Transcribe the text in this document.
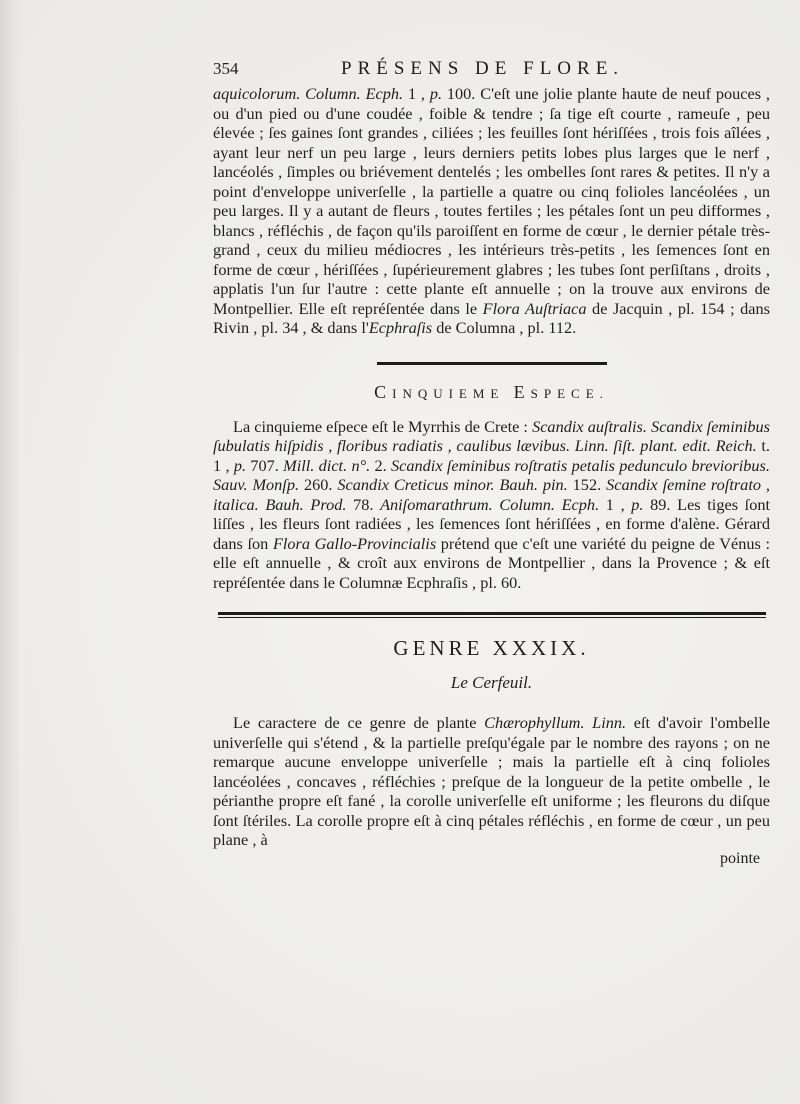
354	PRÉSENS DE FLORE.

aquicolorum. Column. Ecph. 1 , p. 100. C'eſt une jolie plante haute de neuf pouces , ou d'un pied ou d'une coudée , foible & tendre ; ſa tige eſt courte , rameuſe , peu élevée ; ſes gaines ſont grandes , ciliées ; les feuilles ſont hériſſées , trois fois aîlées , ayant leur nerf un peu large , leurs derniers petits lobes plus larges que le nerf , lancéolés , ſimples ou briévement dentelés ; les ombelles ſont rares & petites. Il n'y a point d'enveloppe univerſelle , la partielle a quatre ou cinq folioles lancéolées , un peu larges. Il y a autant de fleurs , toutes fertiles ; les pétales ſont un peu difformes , blancs , réfléchis , de façon qu'ils paroiſſent en forme de cœur , le dernier pétale très-grand , ceux du milieu médiocres , les intérieurs très-petits , les ſemences ſont en forme de cœur , hériſſées , ſupérieurement glabres ; les tubes ſont perſiſtans , droits , applatis l'un ſur l'autre : cette plante eſt annuelle ; on la trouve aux environs de Montpellier. Elle eſt repréſentée dans le Flora Auſtriaca de Jacquin , pl. 154 ; dans Rivin , pl. 34 , & dans l'Ecphraſis de Columna , pl. 112.

CINQUIEME ESPECE.

La cinquieme eſpece eſt le Myrrhis de Crete : Scandix auſtralis. Scandix ſeminibus ſubulatis hiſpidis , floribus radiatis , caulibus lævibus. Linn. ſiſt. plant. edit. Reich. t. 1 , p. 707. Mill. dict. n°. 2. Scandix ſeminibus roſtratis petalis pedunculo brevioribus. Sauv. Monſp. 260. Scandix Creticus minor. Bauh. pin. 152. Scandix ſemine roſtrato , italica. Bauh. Prod. 78. Aniſomarathrum. Column. Ecph. 1 , p. 89. Les tiges ſont liſſes , les fleurs ſont radiées , les ſemences ſont hériſſées , en forme d'alène. Gérard dans ſon Flora Gallo-Provincialis prétend que c'eſt une variété du peigne de Vénus : elle eſt annuelle , & croît aux environs de Montpellier , dans la Provence ; & eſt repréſentée dans le Columnæ Ecphraſis , pl. 60.

GENRE XXXIX.
Le Cerfeuil.

Le caractere de ce genre de plante Chærophyllum. Linn. eſt d'avoir l'ombelle univerſelle qui s'étend , & la partielle preſqu'égale par le nombre des rayons ; on ne remarque aucune enveloppe univerſelle ; mais la partielle eſt à cinq folioles lancéolées , concaves , réfléchies ; preſque de la longueur de la petite ombelle , le périanthe propre eſt fané , la corolle univerſelle eſt uniforme ; les fleurons du diſque ſont ſtériles. La corolle propre eſt à cinq pétales réfléchis , en forme de cœur , un peu plane , à

pointe
